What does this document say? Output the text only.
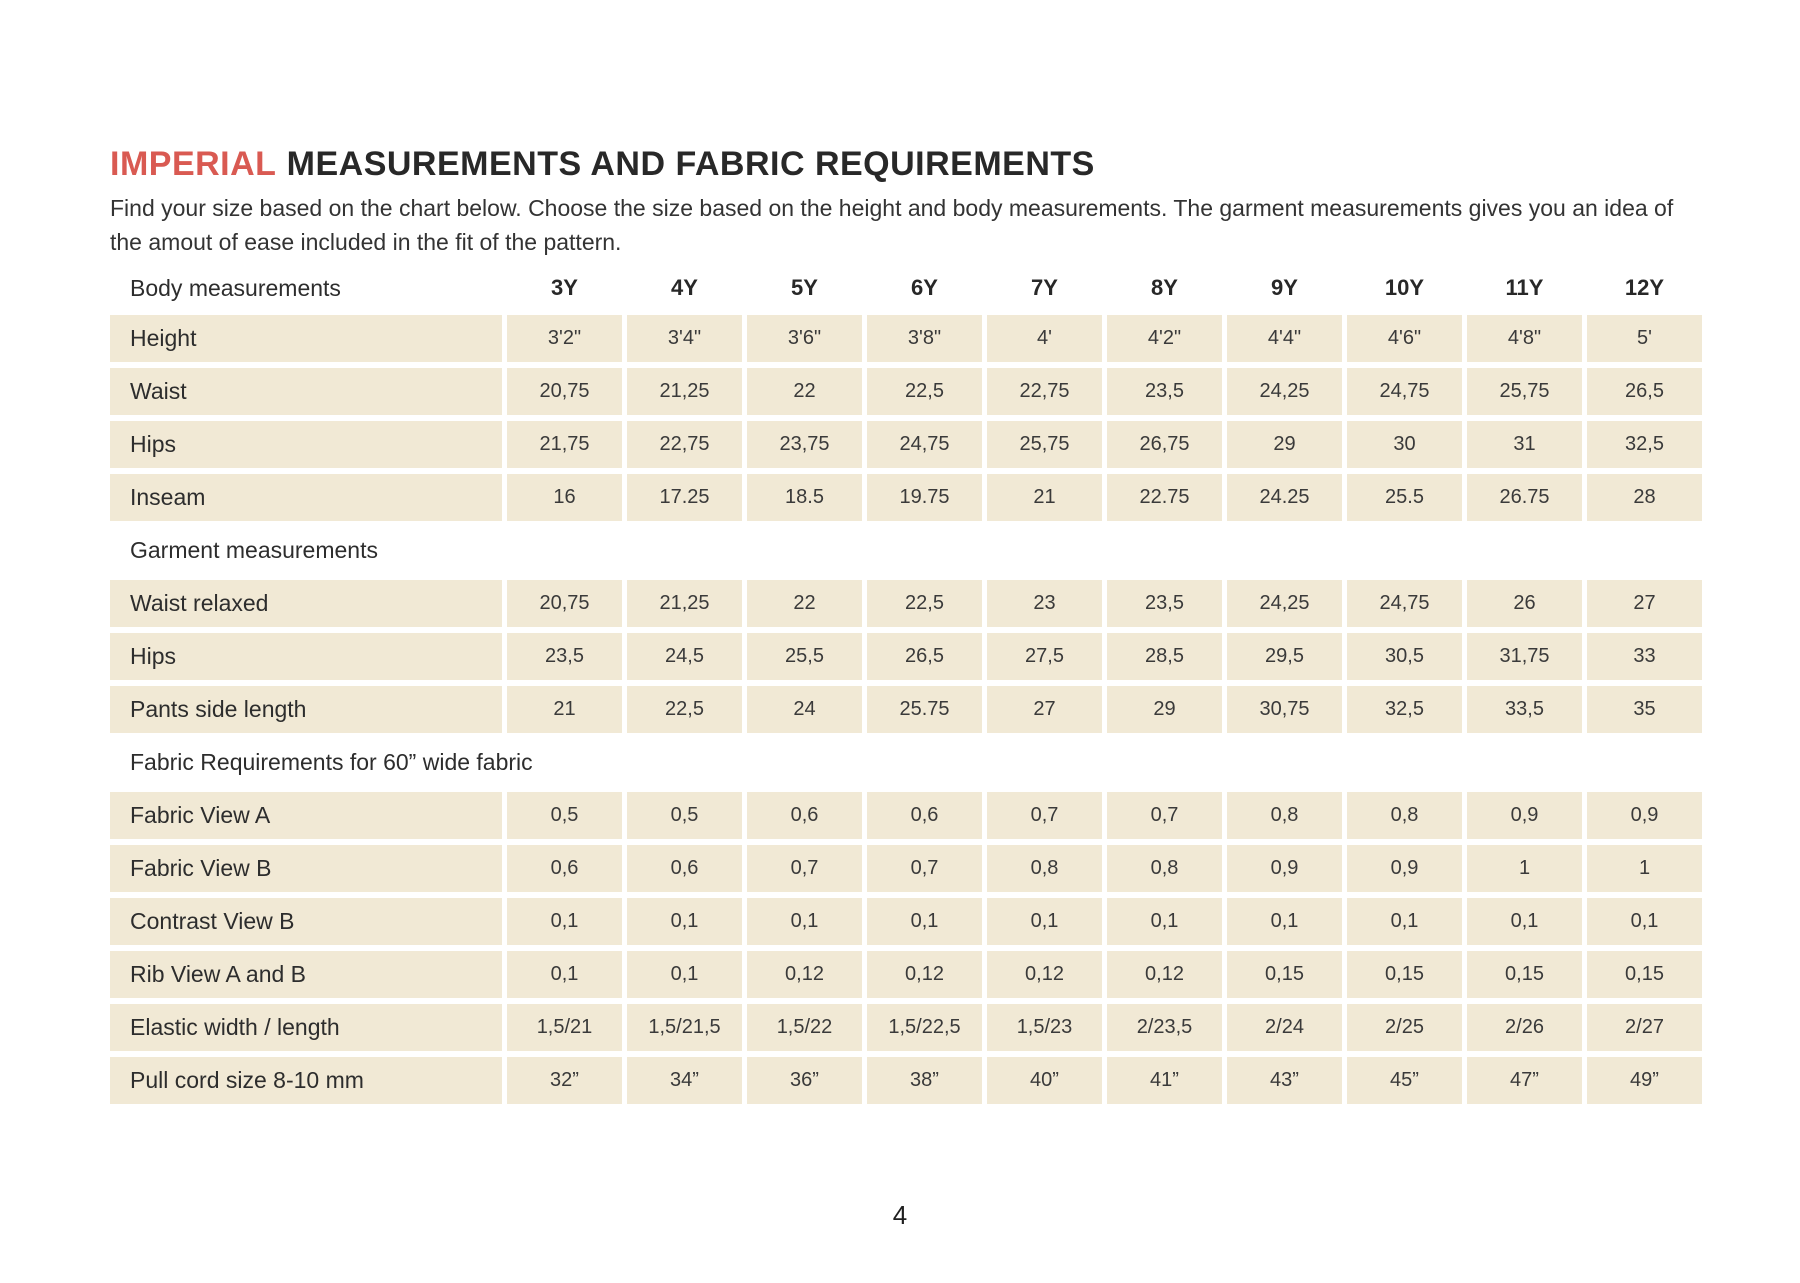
IMPERIAL MEASUREMENTS AND FABRIC REQUIREMENTS

Find your size based on the chart below. Choose the size based on the height and body measurements. The garment measurements gives you an idea of the amout of ease included in the fit of the pattern.

Body measurements	3Y	4Y	5Y	6Y	7Y	8Y	9Y	10Y	11Y	12Y
Height	3'2"	3'4"	3'6"	3'8"	4'	4'2"	4'4"	4'6"	4'8"	5'
Waist	20,75	21,25	22	22,5	22,75	23,5	24,25	24,75	25,75	26,5
Hips	21,75	22,75	23,75	24,75	25,75	26,75	29	30	31	32,5
Inseam	16	17.25	18.5	19.75	21	22.75	24.25	25.5	26.75	28
Garment measurements
Waist relaxed	20,75	21,25	22	22,5	23	23,5	24,25	24,75	26	27
Hips	23,5	24,5	25,5	26,5	27,5	28,5	29,5	30,5	31,75	33
Pants side length	21	22,5	24	25.75	27	29	30,75	32,5	33,5	35
Fabric Requirements for 60” wide fabric
Fabric View A	0,5	0,5	0,6	0,6	0,7	0,7	0,8	0,8	0,9	0,9
Fabric View B	0,6	0,6	0,7	0,7	0,8	0,8	0,9	0,9	1	1
Contrast View B	0,1	0,1	0,1	0,1	0,1	0,1	0,1	0,1	0,1	0,1
Rib View A and B	0,1	0,1	0,12	0,12	0,12	0,12	0,15	0,15	0,15	0,15
Elastic width / length	1,5/21	1,5/21,5	1,5/22	1,5/22,5	1,5/23	2/23,5	2/24	2/25	2/26	2/27
Pull cord size 8-10 mm	32”	34”	36”	38”	40”	41”	43”	45”	47”	49”
4
